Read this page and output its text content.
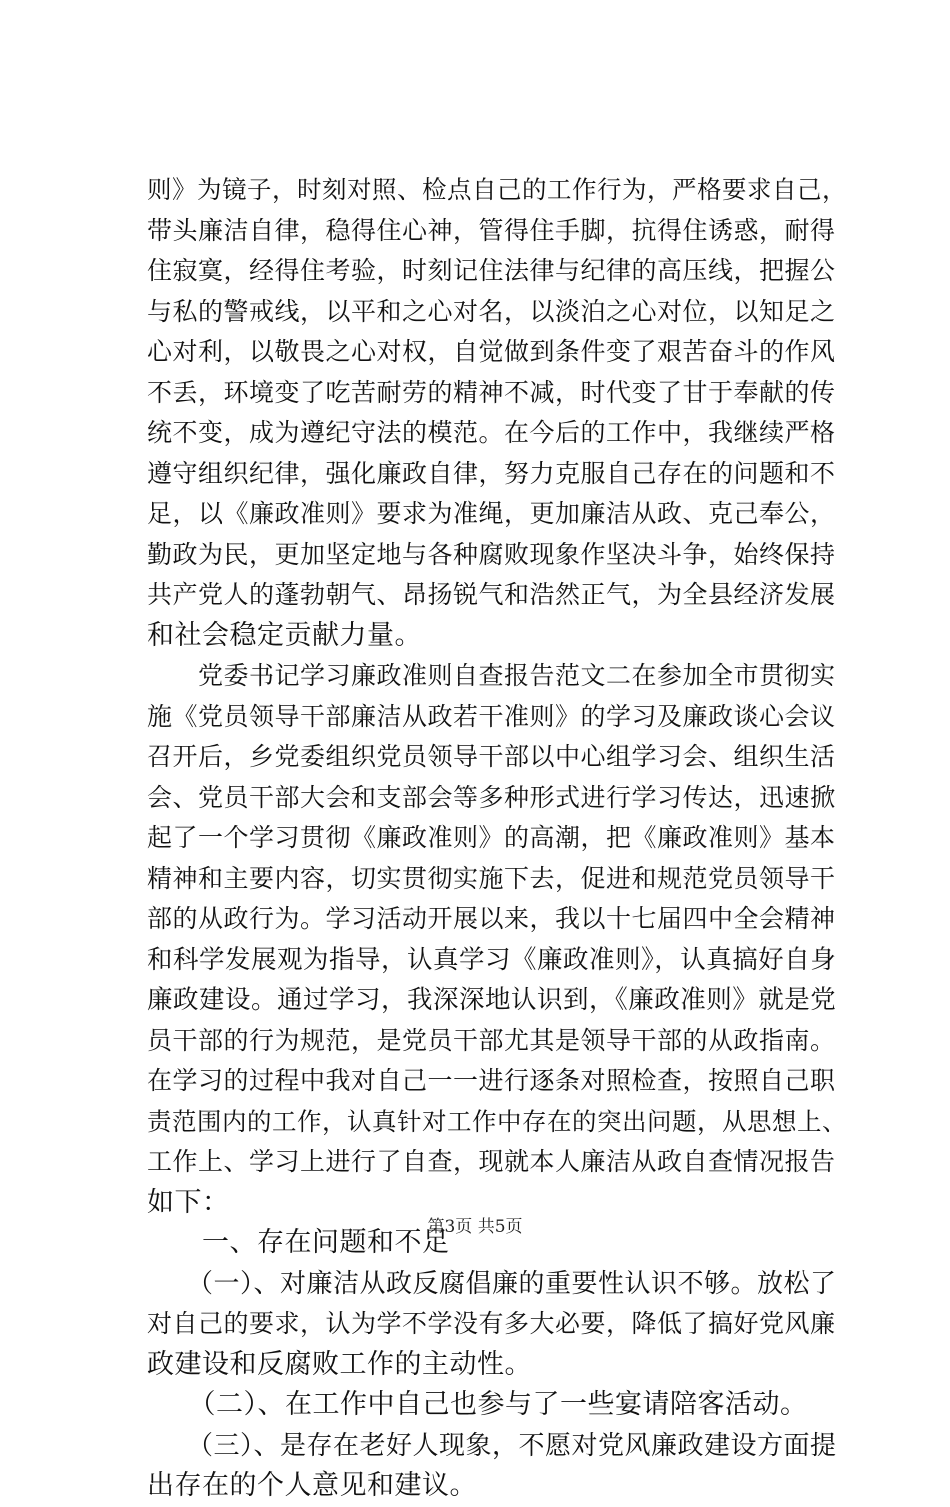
则》为镜子，时刻对照、检点自己的工作行为，严格要求自己，
带头廉洁自律，稳得住心神，管得住手脚，抗得住诱惑，耐得
住寂寞，经得住考验，时刻记住法律与纪律的高压线，把握公
与私的警戒线，以平和之心对名，以淡泊之心对位，以知足之
心对利，以敬畏之心对权，自觉做到条件变了艰苦奋斗的作风
不丢，环境变了吃苦耐劳的精神不减，时代变了甘于奉献的传
统不变，成为遵纪守法的模范。在今后的工作中，我继续严格
遵守组织纪律，强化廉政自律，努力克服自己存在的问题和不
足，以《廉政准则》要求为准绳，更加廉洁从政、克己奉公，
勤政为民，更加坚定地与各种腐败现象作坚决斗争，始终保持
共产党人的蓬勃朝气、昂扬锐气和浩然正气，为全县经济发展
和社会稳定贡献力量。
　　党委书记学习廉政准则自查报告范文二在参加全市贯彻实
施《党员领导干部廉洁从政若干准则》的学习及廉政谈心会议
召开后，乡党委组织党员领导干部以中心组学习会、组织生活
会、党员干部大会和支部会等多种形式进行学习传达，迅速掀
起了一个学习贯彻《廉政准则》的高潮，把《廉政准则》基本
精神和主要内容，切实贯彻实施下去，促进和规范党员领导干
部的从政行为。学习活动开展以来，我以十七届四中全会精神
和科学发展观为指导，认真学习《廉政准则》，认真搞好自身
廉政建设。通过学习，我深深地认识到，《廉政准则》就是党
员干部的行为规范，是党员干部尤其是领导干部的从政指南。
在学习的过程中我对自己一一进行逐条对照检查，按照自己职
责范围内的工作，认真针对工作中存在的突出问题，从思想上、
工作上、学习上进行了自查，现就本人廉洁从政自查情况报告
如下：
　　一、存在问题和不足
　　（一）、对廉洁从政反腐倡廉的重要性认识不够。放松了
对自己的要求，认为学不学没有多大必要，降低了搞好党风廉
政建设和反腐败工作的主动性。
　　（二）、在工作中自己也参与了一些宴请陪客活动。
　　（三）、是存在老好人现象，不愿对党风廉政建设方面提
出存在的个人意见和建议。
第3页 共5页
